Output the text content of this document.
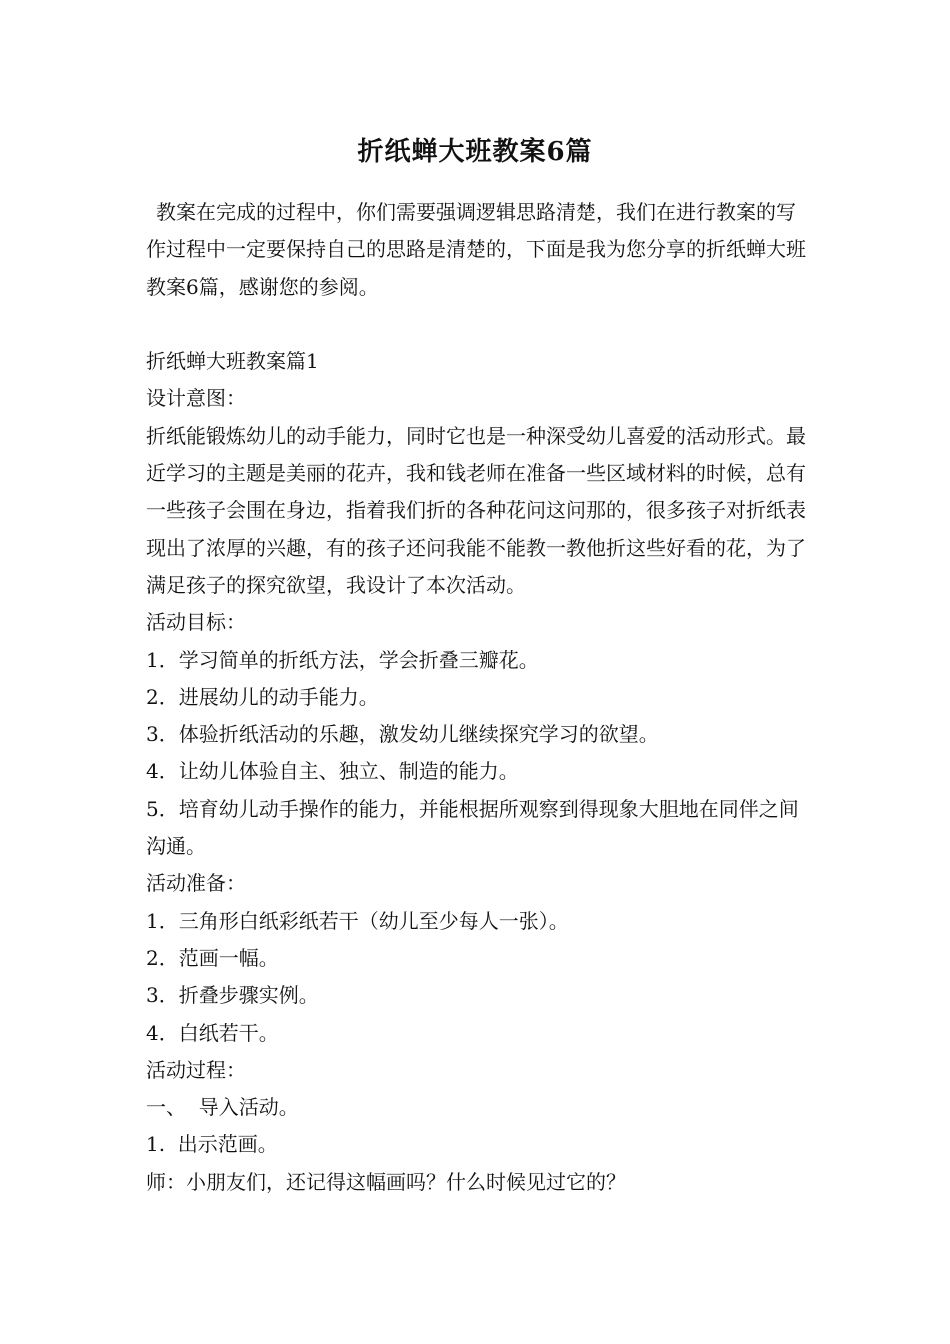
折纸蝉大班教案6篇

教案在完成的过程中，你们需要强调逻辑思路清楚，我们在进行教案的写作过程中一定要保持自己的思路是清楚的，下面是我为您分享的折纸蝉大班教案6篇，感谢您的参阅。

折纸蝉大班教案篇1

设计意图：

折纸能锻炼幼儿的动手能力，同时它也是一种深受幼儿喜爱的活动形式。最近学习的主题是美丽的花卉，我和钱老师在准备一些区域材料的时候，总有一些孩子会围在身边，指着我们折的各种花问这问那的，很多孩子对折纸表现出了浓厚的兴趣，有的孩子还问我能不能教一教他折这些好看的花，为了满足孩子的探究欲望，我设计了本次活动。

活动目标：

1．学习简单的折纸方法，学会折叠三瓣花。

2．进展幼儿的动手能力。

3．体验折纸活动的乐趣，激发幼儿继续探究学习的欲望。

4．让幼儿体验自主、独立、制造的能力。

5．培育幼儿动手操作的能力，并能根据所观察到得现象大胆地在同伴之间沟通。

活动准备：

1．三角形白纸彩纸若干（幼儿至少每人一张）。

2．范画一幅。

3．折叠步骤实例。

4．白纸若干。

活动过程：

一、  导入活动。

1.  出示范画。

师：小朋友们，还记得这幅画吗？什么时候见过它的？
